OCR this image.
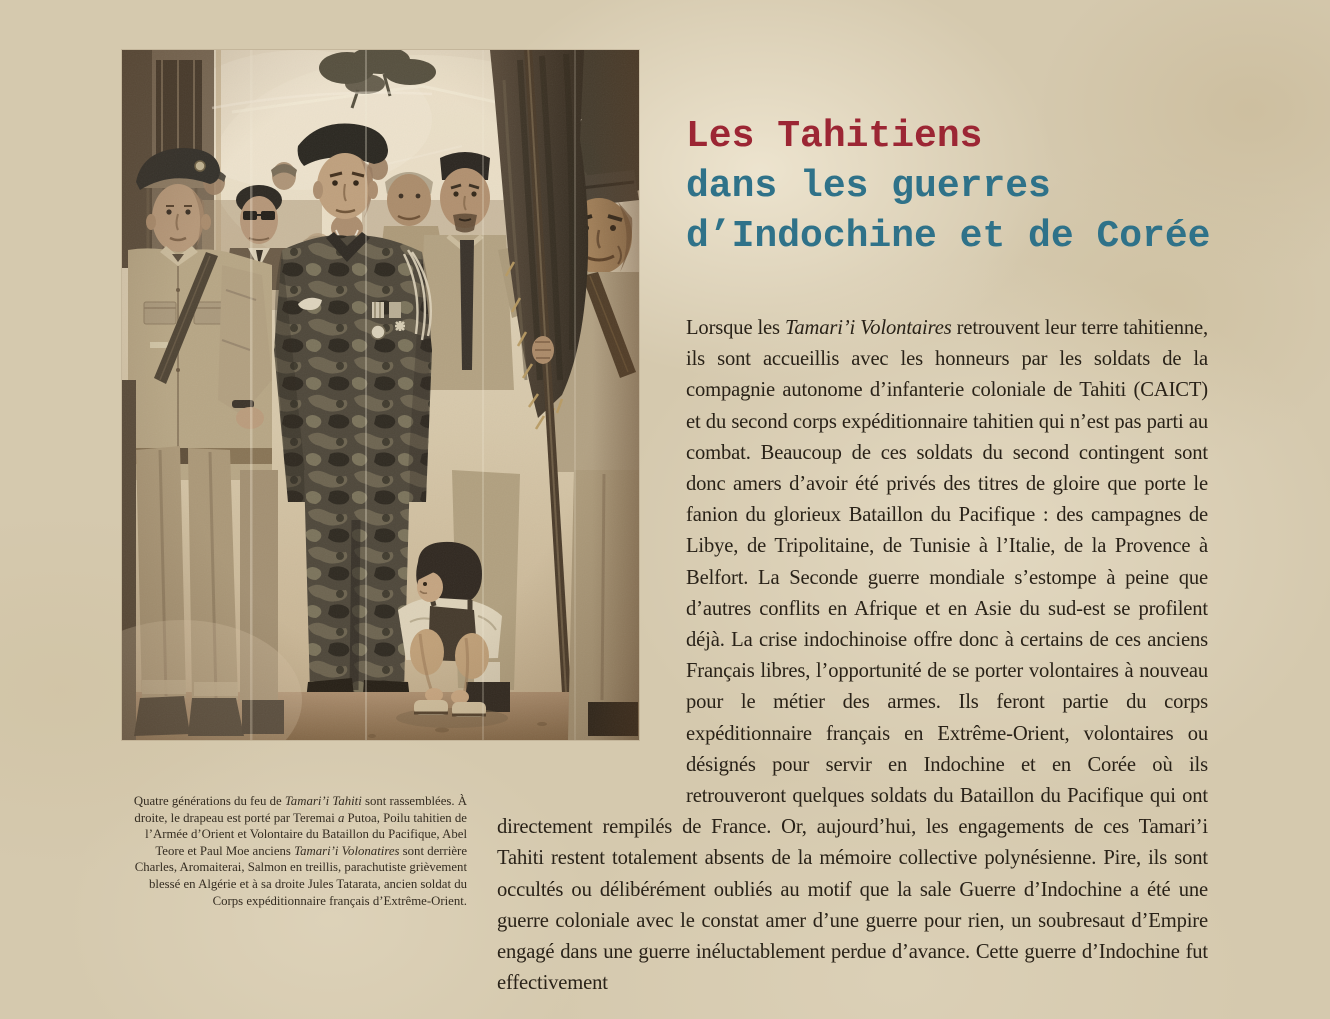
Quatre générations du feu de Tamari’i Tahiti sont rassemblées. À droite, le drapeau est porté par Teremai a Putoa, Poilu tahitien de l’Armée d’Orient et Volontaire du Bataillon du Pacifique, Abel Teore et Paul Moe anciens Tamari’i Volonatires sont derrière Charles, Aromaiterai, Salmon en treillis, parachutiste grièvement blessé en Algérie et à sa droite Jules Tatarata, ancien soldat du Corps expéditionnaire français d’Extrême-Orient.
Les Tahitiens
dans les guerres
d’Indochine et de Corée

Lorsque les Tamari’i Volontaires retrouvent leur terre tahitienne, ils sont accueillis avec les honneurs par les soldats de la compagnie autonome d’infanterie coloniale de Tahiti (CAICT) et du second corps expéditionnaire tahitien qui n’est pas parti au combat. Beaucoup de ces soldats du second contingent sont donc amers d’avoir été privés des titres de gloire que porte le fanion du glorieux Bataillon du Pacifique : des campagnes de Libye, de Tripolitaine, de Tunisie à l’Italie, de la Provence à Belfort. La Seconde guerre mondiale s’estompe à peine que d’autres conflits en Afrique et en Asie du sud-est se profilent déjà. La crise indochinoise offre donc à certains de ces anciens Français libres, l’opportunité de se porter volontaires à nouveau pour le métier des armes. Ils feront partie du corps expéditionnaire français en Extrême-Orient, volontaires ou désignés pour servir en Indochine et en Corée où ils retrouveront quelques soldats du Bataillon du Pacifique qui ont directement rempilés de France. Or, aujourd’hui, les engagements de ces Tamari’i Tahiti restent totalement absents de la mémoire collective polynésienne. Pire, ils sont occultés ou délibérément oubliés au motif que la sale Guerre d’Indochine a été une guerre coloniale avec le constat amer d’une guerre pour rien, un soubresaut d’Empire engagé dans une guerre inéluctablement perdue d’avance. Cette guerre d’Indochine fut effectivement
